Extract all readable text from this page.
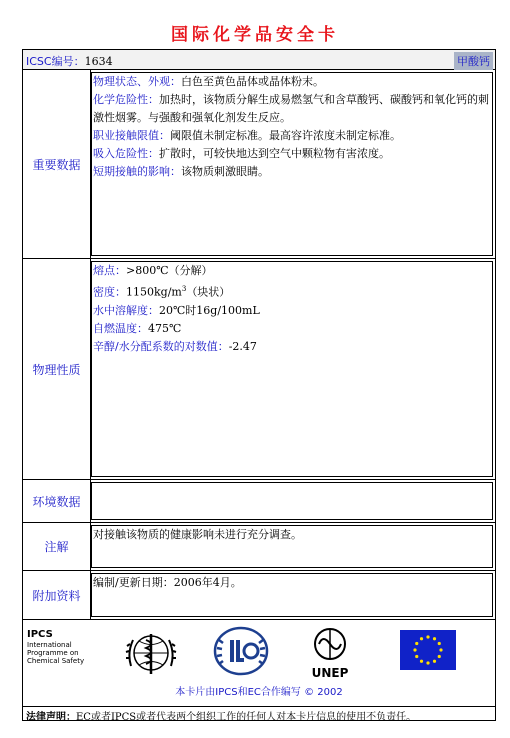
国际化学品安全卡
ICSC编号：1634	甲酸钙
重要数据
物理状态、外观：白色至黄色晶体或晶体粉末。
化学危险性：加热时，该物质分解生成易燃氢气和含草酸钙、碳酸钙和氧化钙的刺激性烟雾。与强酸和强氧化剂发生反应。
职业接触限值：阈限值未制定标准。最高容许浓度未制定标准。
吸入危险性：扩散时，可较快地达到空气中颗粒物有害浓度。
短期接触的影响：该物质刺激眼睛。
物理性质
熔点：>800℃（分解）
密度：$1150kg/m^3$（块状）
水中溶解度：20℃时16g/100mL
自燃温度：475℃
辛醇/水分配系数的对数值：-2.47
环境数据
注解
对接触该物质的健康影响未进行充分调查。
附加资料
编制/更新日期：2006年4月。
IPCS
International
Programme on
Chemical Safety
UNEP
本卡片由IPCS和EC合作编写 © 2002
法律声明：EC或者IPCS或者代表两个组织工作的任何人对本卡片信息的使用不负责任。
